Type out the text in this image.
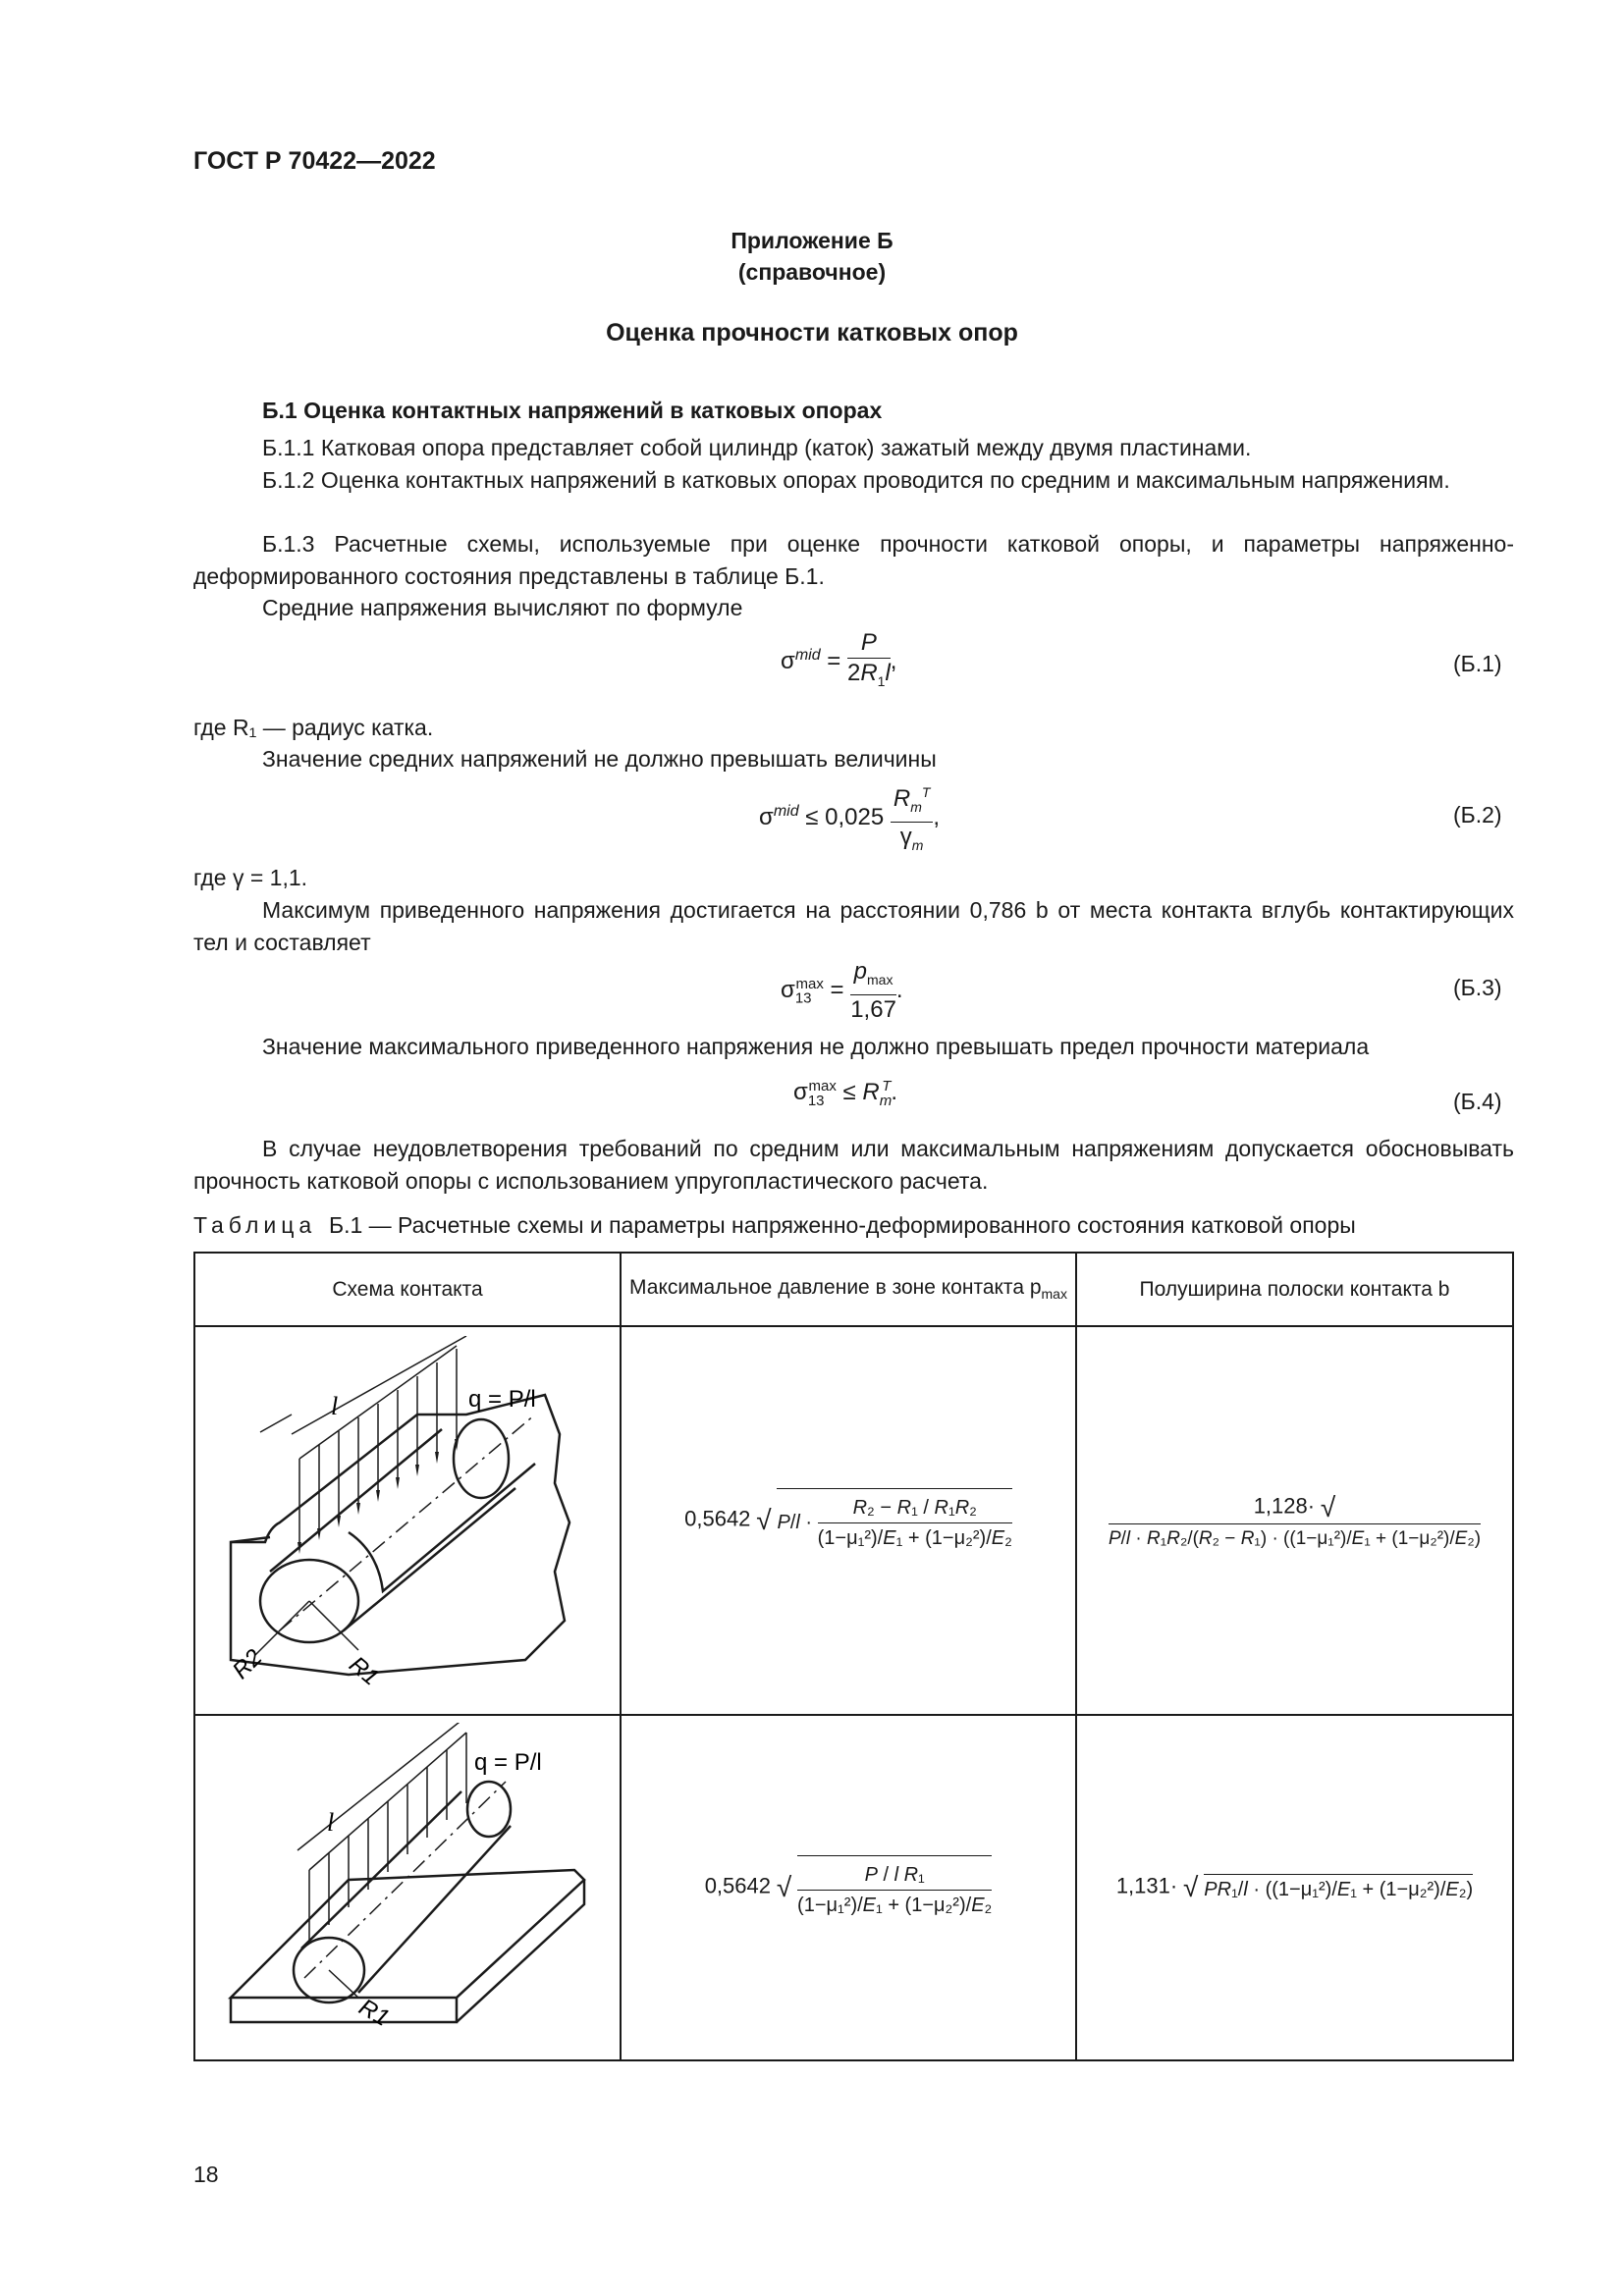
ГОСТ Р 70422—2022
Приложение Б
(справочное)
Оценка прочности катковых опор
Б.1 Оценка контактных напряжений в катковых опорах
Б.1.1 Катковая опора представляет собой цилиндр (каток) зажатый между двумя пластинами.
Б.1.2 Оценка контактных напряжений в катковых опорах проводится по средним и максимальным напряжениям.
Б.1.3 Расчетные схемы, используемые при оценке прочности катковой опоры, и параметры напряженно-деформированного состояния представлены в таблице Б.1.
Средние напряжения вычисляют по формуле
$\sigma^{mid} = \frac{P}{2R_1l}$ ,	(Б.1)
где R₁ — радиус катка.
Значение средних напряжений не должно превышать величины
$\sigma^{mid} \le 0,025 \frac{R_m^T}{\gamma_m}$ ,	(Б.2)
где γ = 1,1.
Максимум приведенного напряжения достигается на расстоянии 0,786 b от места контакта вглубь контактирующих тел и составляет
$\sigma_{13}^{max} = \frac{p_{max}}{1,67}$ .	(Б.3)
Значение максимального приведенного напряжения не должно превышать предел прочности материала
$\sigma_{13}^{max} \le R_m^T$.	(Б.4)
В случае неудовлетворения требований по средним или максимальным напряжениям допускается обосновывать прочность катковой опоры с использованием упругопластического расчета.
Таблица Б.1 — Расчетные схемы и параметры напряженно-деформированного состояния катковой опоры
Схема контакта	Максимальное давление в зоне контакта $p_{max}$	Полуширина полоски контакта b

l q = P/l
R2 R1	0,5642 √ $P/l \cdot \frac{\text{R₂ − R₁ / R₁R₂}}{\text{(1−μ₁²)/E₁ + (1−μ₂²)/E₂}}$	1,128· √ P/l · R₁R₂/(R₂ − R₁) · ((1−μ₁²)/E₁ + (1−μ₂²)/E₂)

l
q = P/l
R1	0,5642 √ $\frac{\text{P / l R₁}}{\text{(1−μ₁²)/E₁ + (1−μ₂²)/E₂}}$	1,131· √ PR₁/l · ((1−μ₁²)/E₁ + (1−μ₂²)/E₂)
18
